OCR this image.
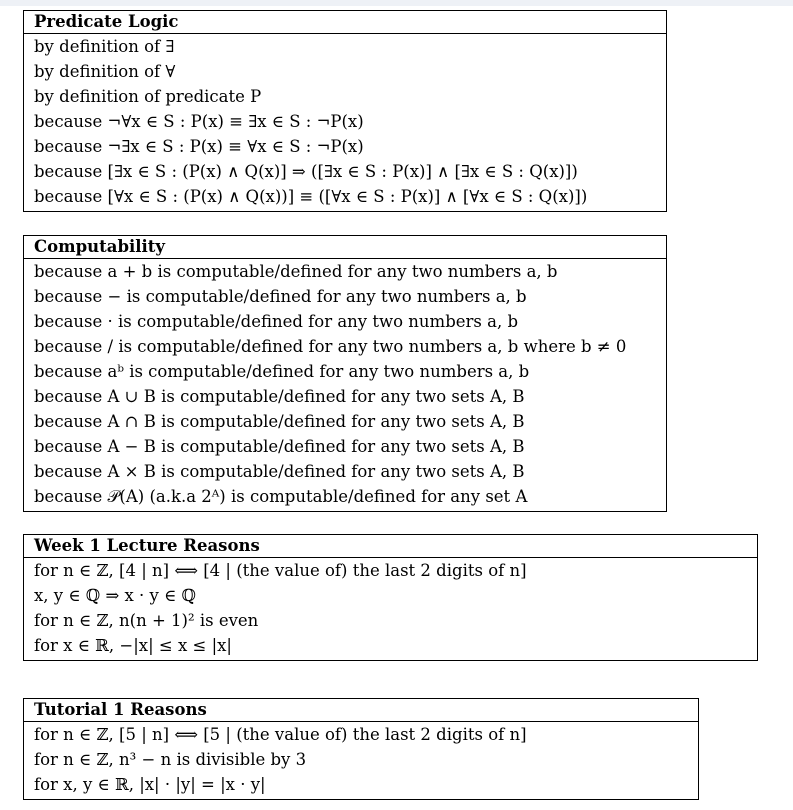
Predicate Logic
by definition of ∃
by definition of ∀
by definition of predicate P
because ¬∀x ∈ S : P(x) ≡ ∃x ∈ S : ¬P(x)
because ¬∃x ∈ S : P(x) ≡ ∀x ∈ S : ¬P(x)
because [∃x ∈ S : (P(x) ∧ Q(x)] ⇒ ([∃x ∈ S : P(x)] ∧ [∃x ∈ S : Q(x)])
because [∀x ∈ S : (P(x) ∧ Q(x))] ≡ ([∀x ∈ S : P(x)] ∧ [∀x ∈ S : Q(x)])
Computability
because a + b is computable/defined for any two numbers a, b
because − is computable/defined for any two numbers a, b
because · is computable/defined for any two numbers a, b
because / is computable/defined for any two numbers a, b where b ≠ 0
because aᵇ is computable/defined for any two numbers a, b
because A ∪ B is computable/defined for any two sets A, B
because A ∩ B is computable/defined for any two sets A, B
because A − B is computable/defined for any two sets A, B
because A × B is computable/defined for any two sets A, B
because 𝒫(A) (a.k.a 2ᴬ) is computable/defined for any set A
Week 1 Lecture Reasons
for n ∈ ℤ, [4 | n] ⟺ [4 | (the value of) the last 2 digits of n]
x, y ∈ ℚ ⇒ x · y ∈ ℚ
for n ∈ ℤ, n(n + 1)² is even
for x ∈ ℝ, −|x| ≤ x ≤ |x|
Tutorial 1 Reasons
for n ∈ ℤ, [5 | n] ⟺ [5 | (the value of) the last 2 digits of n]
for n ∈ ℤ, n³ − n is divisible by 3
for x, y ∈ ℝ, |x| · |y| = |x · y|
